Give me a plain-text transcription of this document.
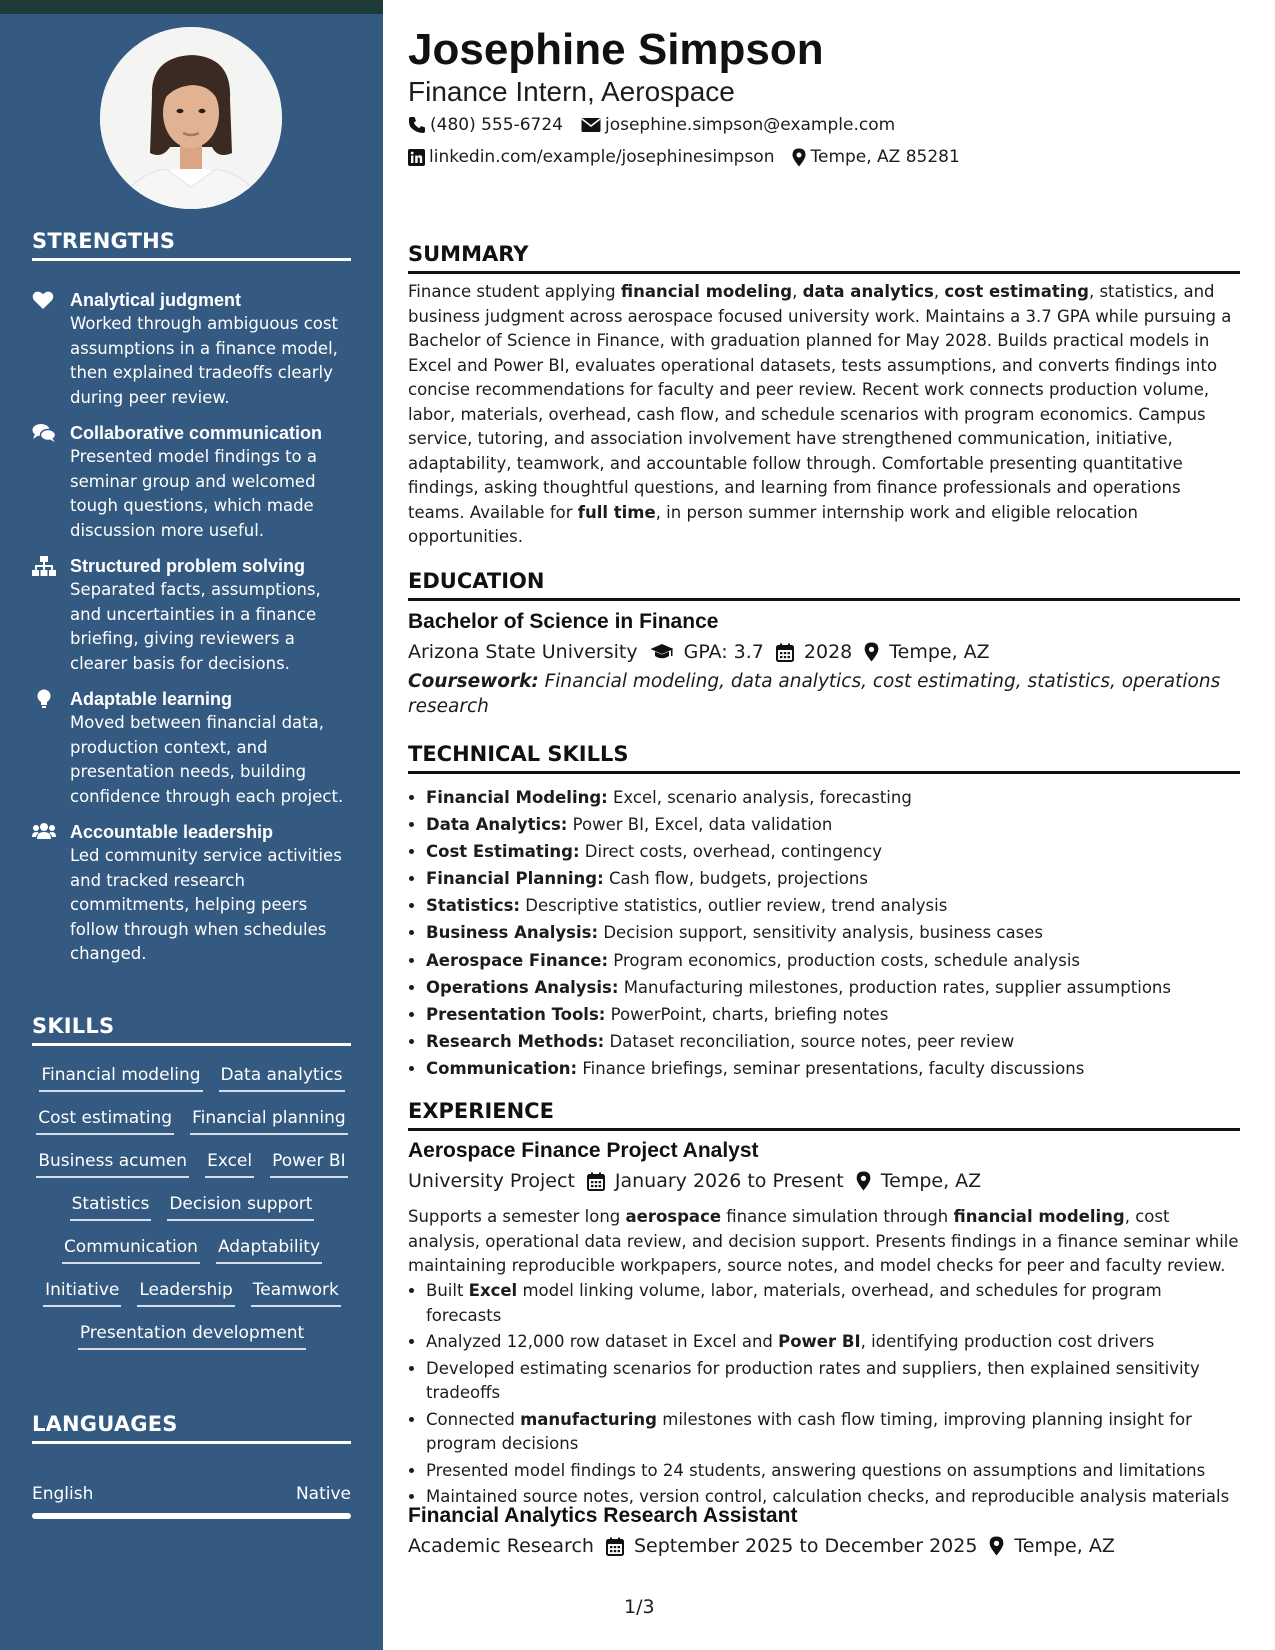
STRENGTHS
Analytical judgment
Worked through ambiguous cost assumptions in a finance model, then explained tradeoffs clearly during peer review.
Collaborative communication
Presented model findings to a seminar group and welcomed tough questions, which made discussion more useful.
Structured problem solving
Separated facts, assumptions, and uncertainties in a finance briefing, giving reviewers a clearer basis for decisions.
Adaptable learning
Moved between financial data, production context, and presentation needs, building confidence through each project.
Accountable leadership
Led community service activities and tracked research commitments, helping peers follow through when schedules changed.
SKILLS
Financial modeling Data analytics
Cost estimating Financial planning
Business acumen Excel Power BI
Statistics Decision support
Communication Adaptability
Initiative Leadership Teamwork
Presentation development
LANGUAGES
English	Native
Josephine Simpson
Finance Intern, Aerospace
(480) 555-6724 josephine.simpson@example.com
linkedin.com/example/josephinesimpson Tempe, AZ 85281
SUMMARY
Finance student applying financial modeling, data analytics, cost estimating, statistics, and business judgment across aerospace focused university work. Maintains a 3.7 GPA while pursuing a Bachelor of Science in Finance, with graduation planned for May 2028. Builds practical models in Excel and Power BI, evaluates operational datasets, tests assumptions, and converts findings into concise recommendations for faculty and peer review. Recent work connects production volume, labor, materials, overhead, cash flow, and schedule scenarios with program economics. Campus service, tutoring, and association involvement have strengthened communication, initiative, adaptability, teamwork, and accountable follow through. Comfortable presenting quantitative findings, asking thoughtful questions, and learning from finance professionals and operations teams. Available for full time, in person summer internship work and eligible relocation opportunities.
EDUCATION
Bachelor of Science in Finance
Arizona State University GPA: 3.7 2028 Tempe, AZ
Coursework: Financial modeling, data analytics, cost estimating, statistics, operations research
TECHNICAL SKILLS
• Financial Modeling: Excel, scenario analysis, forecasting
• Data Analytics: Power BI, Excel, data validation
• Cost Estimating: Direct costs, overhead, contingency
• Financial Planning: Cash flow, budgets, projections
• Statistics: Descriptive statistics, outlier review, trend analysis
• Business Analysis: Decision support, sensitivity analysis, business cases
• Aerospace Finance: Program economics, production costs, schedule analysis
• Operations Analysis: Manufacturing milestones, production rates, supplier assumptions
• Presentation Tools: PowerPoint, charts, briefing notes
• Research Methods: Dataset reconciliation, source notes, peer review
• Communication: Finance briefings, seminar presentations, faculty discussions
EXPERIENCE
Aerospace Finance Project Analyst
University Project January 2026 to Present Tempe, AZ
Supports a semester long aerospace finance simulation through financial modeling, cost analysis, operational data review, and decision support. Presents findings in a finance seminar while maintaining reproducible workpapers, source notes, and model checks for peer and faculty review.
• Built Excel model linking volume, labor, materials, overhead, and schedules for program forecasts
• Analyzed 12,000 row dataset in Excel and Power BI, identifying production cost drivers
• Developed estimating scenarios for production rates and suppliers, then explained sensitivity tradeoffs
• Connected manufacturing milestones with cash flow timing, improving planning insight for program decisions
• Presented model findings to 24 students, answering questions on assumptions and limitations
• Maintained source notes, version control, calculation checks, and reproducible analysis materials
Financial Analytics Research Assistant
Academic Research September 2025 to December 2025 Tempe, AZ
1/3
